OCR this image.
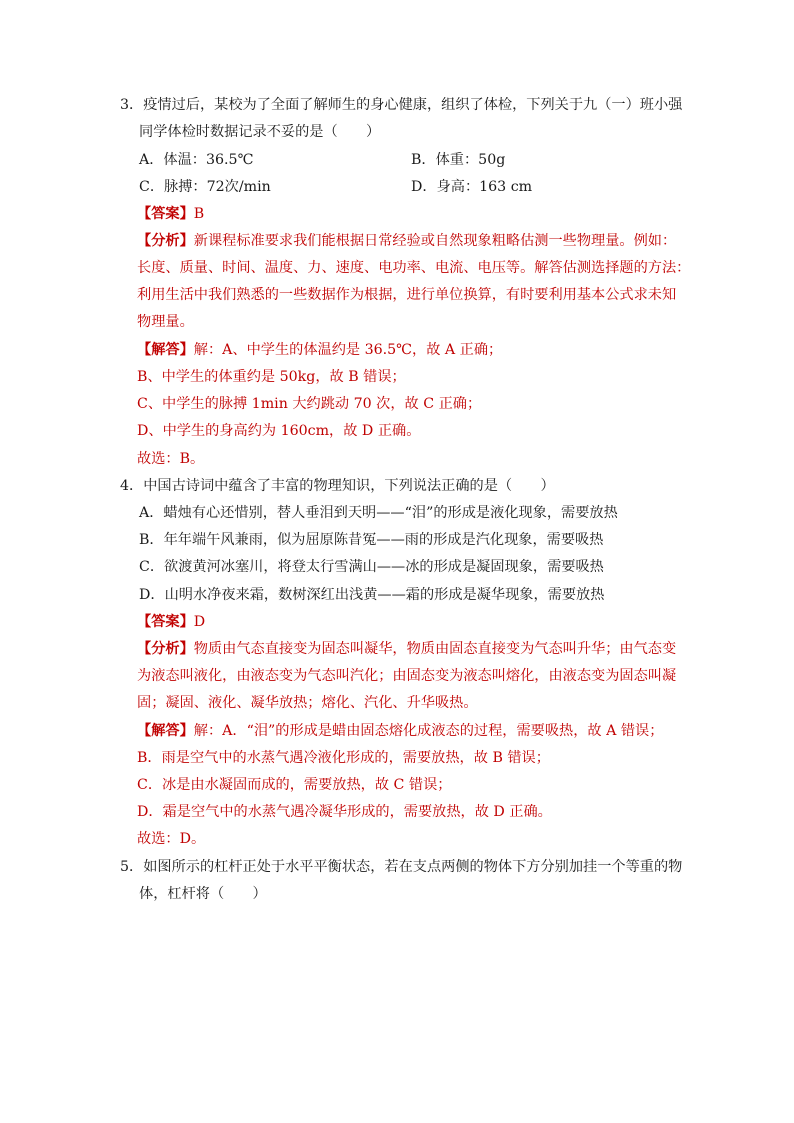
3．疫情过后，某校为了全面了解师生的身心健康，组织了体检，下列关于九（一）班小强
同学体检时数据记录不妥的是（　　）
A．体温：36.5℃	B．体重：50g
C．脉搏：72次/min	D．身高：163 cm
【答案】B
【分析】新课程标准要求我们能根据日常经验或自然现象粗略估测一些物理量。例如：
长度、质量、时间、温度、力、速度、电功率、电流、电压等。解答估测选择题的方法：
利用生活中我们熟悉的一些数据作为根据，进行单位换算，有时要利用基本公式求未知
物理量。
【解答】解：A、中学生的体温约是 36.5℃，故 A 正确；
B、中学生的体重约是 50kg，故 B 错误；
C、中学生的脉搏 1min 大约跳动 70 次，故 C 正确；
D、中学生的身高约为 160cm，故 D 正确。
故选：B。
4．中国古诗词中蕴含了丰富的物理知识，下列说法正确的是（　　）
A．蜡烛有心还惜别，替人垂泪到天明——“泪”的形成是液化现象，需要放热
B．年年端午风兼雨，似为屈原陈昔冤——雨的形成是汽化现象，需要吸热
C．欲渡黄河冰塞川，将登太行雪满山——冰的形成是凝固现象，需要吸热
D．山明水净夜来霜，数树深红出浅黄——霜的形成是凝华现象，需要放热
【答案】D
【分析】物质由气态直接变为固态叫凝华，物质由固态直接变为气态叫升华；由气态变
为液态叫液化，由液态变为气态叫汽化；由固态变为液态叫熔化，由液态变为固态叫凝
固；凝固、液化、凝华放热；熔化、汽化、升华吸热。
【解答】解：A．“泪”的形成是蜡由固态熔化成液态的过程，需要吸热，故 A 错误；
B．雨是空气中的水蒸气遇冷液化形成的，需要放热，故 B 错误；
C．冰是由水凝固而成的，需要放热，故 C 错误；
D．霜是空气中的水蒸气遇冷凝华形成的，需要放热，故 D 正确。
故选：D。
5．如图所示的杠杆正处于水平平衡状态，若在支点两侧的物体下方分别加挂一个等重的物
体，杠杆将（　　）
